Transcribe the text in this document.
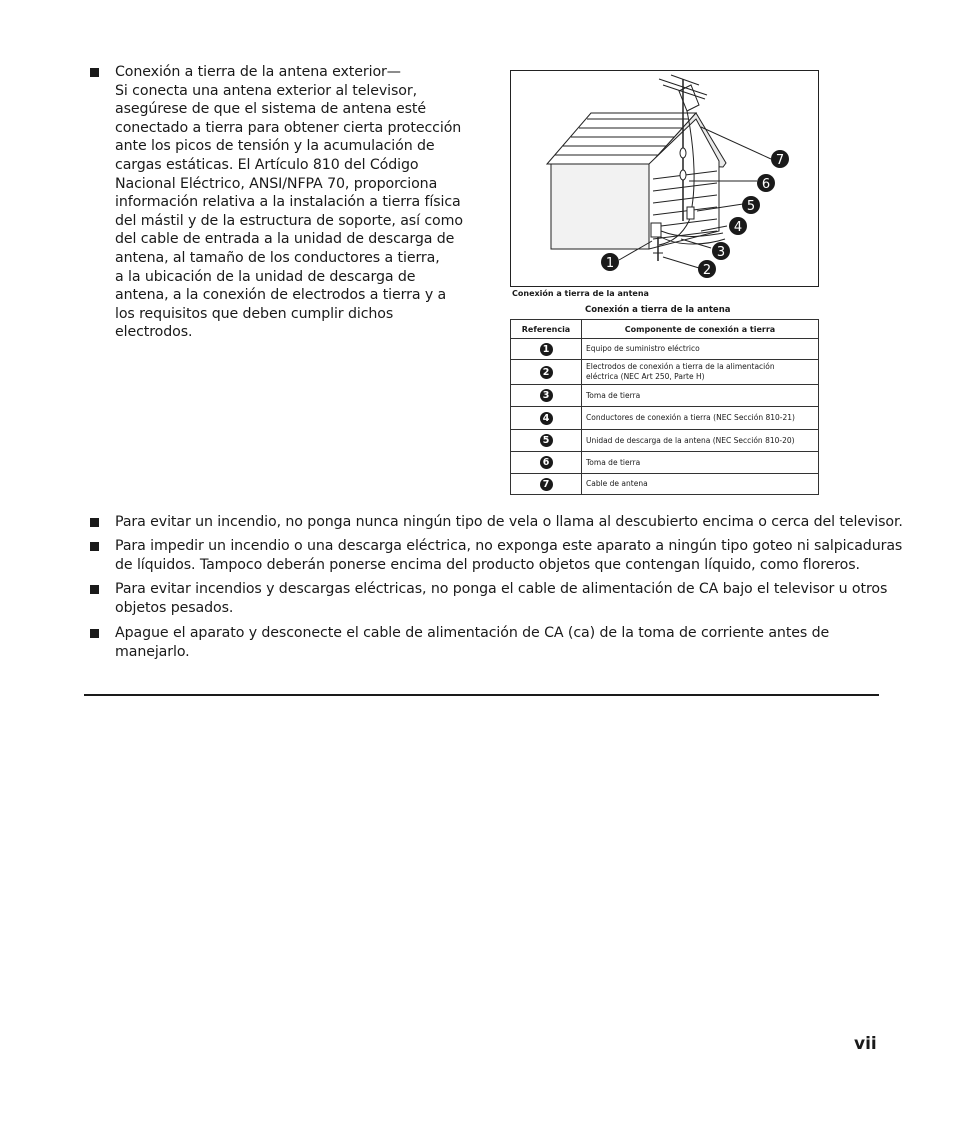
Conexión a tierra de la antena exterior—
Si conecta una antena exterior al televisor,
asegúrese de que el sistema de antena esté
conectado a tierra para obtener cierta protección
ante los picos de tensión y la acumulación de
cargas estáticas. El Artículo 810 del Código
Nacional Eléctrico, ANSI/NFPA 70, proporciona
información relativa a la instalación a tierra física
del mástil y de la estructura de soporte, así como
del cable de entrada a la unidad de descarga de
antena, al tamaño de los conductores a tierra,
a la ubicación de la unidad de descarga de
antena, a la conexión de electrodos a tierra y a
los requisitos que deben cumplir dichos
electrodos.
7
6
5
4
3
2
1
Conexión a tierra de la antena
Conexión a tierra de la antena
Referencia	Componente de conexión a tierra
1	Equipo de suministro eléctrico
2	Electrodos de conexión a tierra de la alimentación
eléctrica (NEC Art 250, Parte H)
3	Toma de tierra
4	Conductores de conexión a tierra (NEC Sección 810-21)
5	Unidad de descarga de la antena (NEC Sección 810-20)
6	Toma de tierra
7	Cable de antena
Para evitar un incendio, no ponga nunca ningún tipo de vela o llama al descubierto encima o cerca del televisor.
Para impedir un incendio o una descarga eléctrica, no exponga este aparato a ningún tipo goteo ni salpicaduras
de líquidos. Tampoco deberán ponerse encima del producto objetos que contengan líquido, como floreros.
Para evitar incendios y descargas eléctricas, no ponga el cable de alimentación de CA bajo el televisor u otros
objetos pesados.
Apague el aparato y desconecte el cable de alimentación de CA (ca) de la toma de corriente antes de
manejarlo.
vii
